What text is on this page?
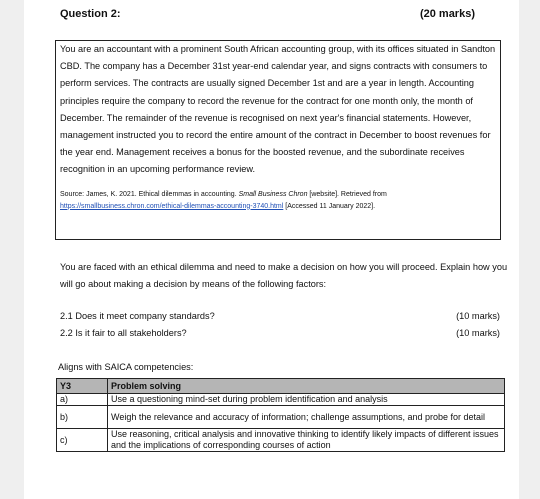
Question 2:	(20 marks)
You are an accountant with a prominent South African accounting group, with its offices situated in Sandton CBD. The company has a December 31st year-end calendar year, and signs contracts with consumers to perform services. The contracts are usually signed December 1st and are a year in length. Accounting principles require the company to record the revenue for the contract for one month only, the month of December. The remainder of the revenue is recognised on next year's financial statements. However, management instructed you to record the entire amount of the contract in December to boost revenues for the year end. Management receives a bonus for the boosted revenue, and the subordinate receives recognition in an upcoming performance review.
Source: James, K. 2021. Ethical dilemmas in accounting. Small Business Chron [website]. Retrieved from
https://smallbusiness.chron.com/ethical-dilemmas-accounting-3740.html [Accessed 11 January 2022].
You are faced with an ethical dilemma and need to make a decision on how you will proceed. Explain how you will go about making a decision by means of the following factors:
2.1 Does it meet company standards?	(10 marks)
2.2 Is it fair to all stakeholders?	(10 marks)
Aligns with SAICA competencies:
Y3	Problem solving
a)	Use a questioning mind-set during problem identification and analysis
b)	Weigh the relevance and accuracy of information; challenge assumptions, and probe for detail
c)	Use reasoning, critical analysis and innovative thinking to identify likely impacts of different issues and the implications of corresponding courses of action
